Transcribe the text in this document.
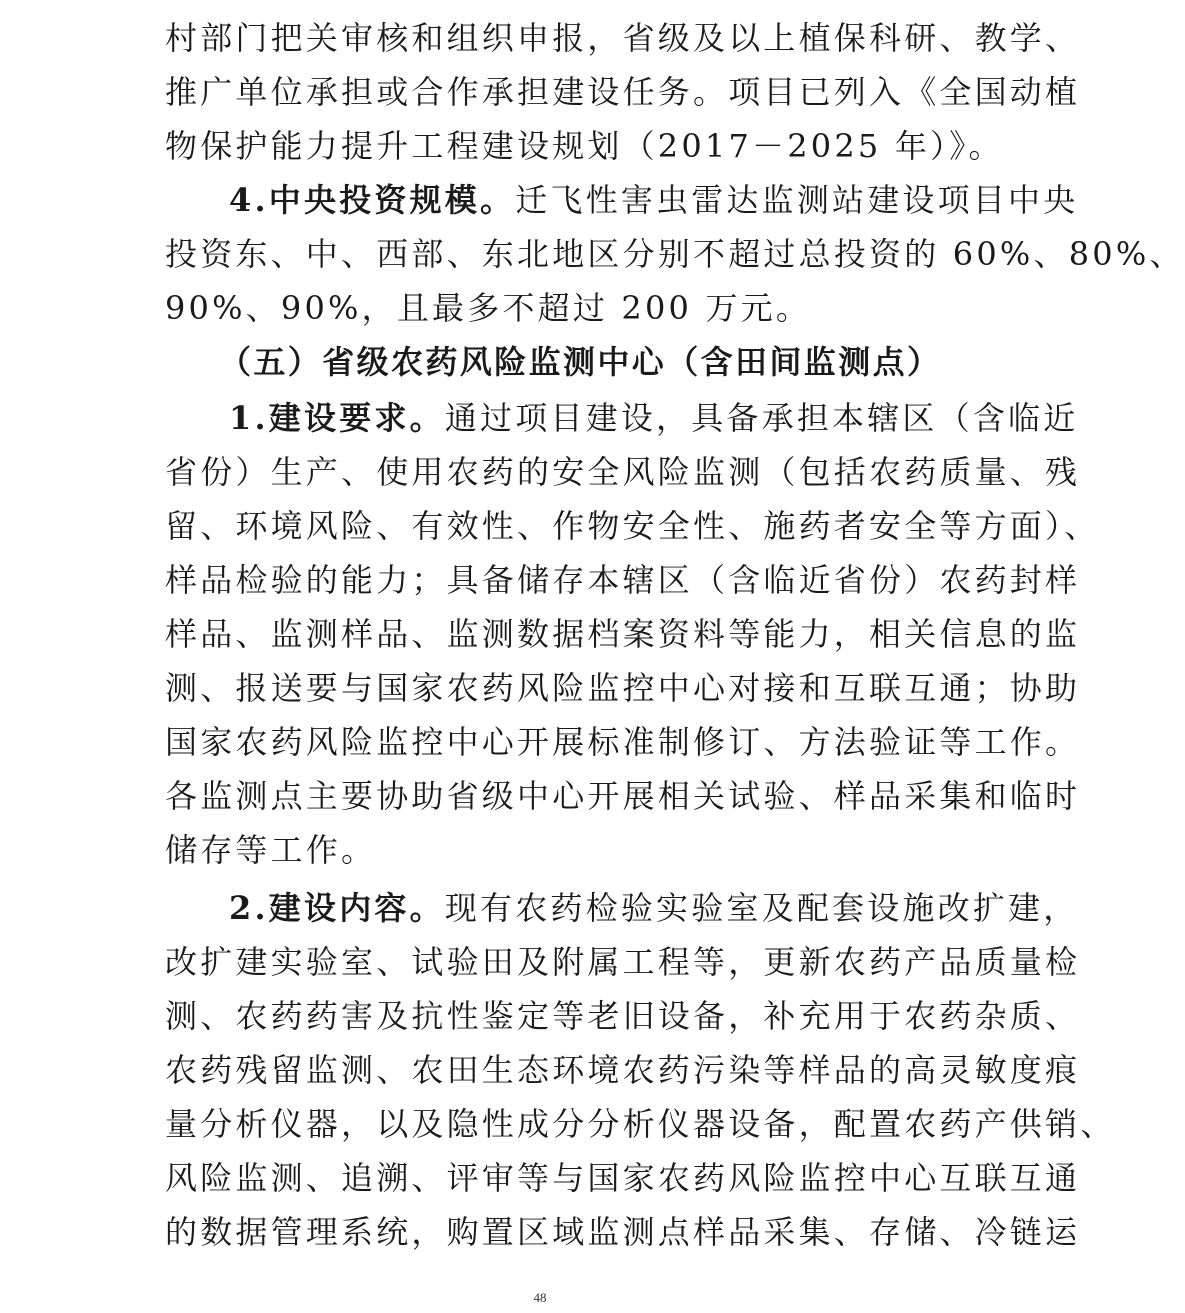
村部门把关审核和组织申报，省级及以上植保科研、教学、
推广单位承担或合作承担建设任务。项目已列入《全国动植
物保护能力提升工程建设规划（2017－2025 年）》。
4.中央投资规模。迁飞性害虫雷达监测站建设项目中央
投资东、中、西部、东北地区分别不超过总投资的 60%、80%、
90%、90%，且最多不超过 200 万元。
（五）省级农药风险监测中心（含田间监测点）
1.建设要求。通过项目建设，具备承担本辖区（含临近
省份）生产、使用农药的安全风险监测（包括农药质量、残
留、环境风险、有效性、作物安全性、施药者安全等方面）、
样品检验的能力；具备储存本辖区（含临近省份）农药封样
样品、监测样品、监测数据档案资料等能力，相关信息的监
测、报送要与国家农药风险监控中心对接和互联互通；协助
国家农药风险监控中心开展标准制修订、方法验证等工作。
各监测点主要协助省级中心开展相关试验、样品采集和临时
储存等工作。
2.建设内容。现有农药检验实验室及配套设施改扩建，
改扩建实验室、试验田及附属工程等，更新农药产品质量检
测、农药药害及抗性鉴定等老旧设备，补充用于农药杂质、
农药残留监测、农田生态环境农药污染等样品的高灵敏度痕
量分析仪器，以及隐性成分分析仪器设备，配置农药产供销、
风险监测、追溯、评审等与国家农药风险监控中心互联互通
的数据管理系统，购置区域监测点样品采集、存储、冷链运
48
